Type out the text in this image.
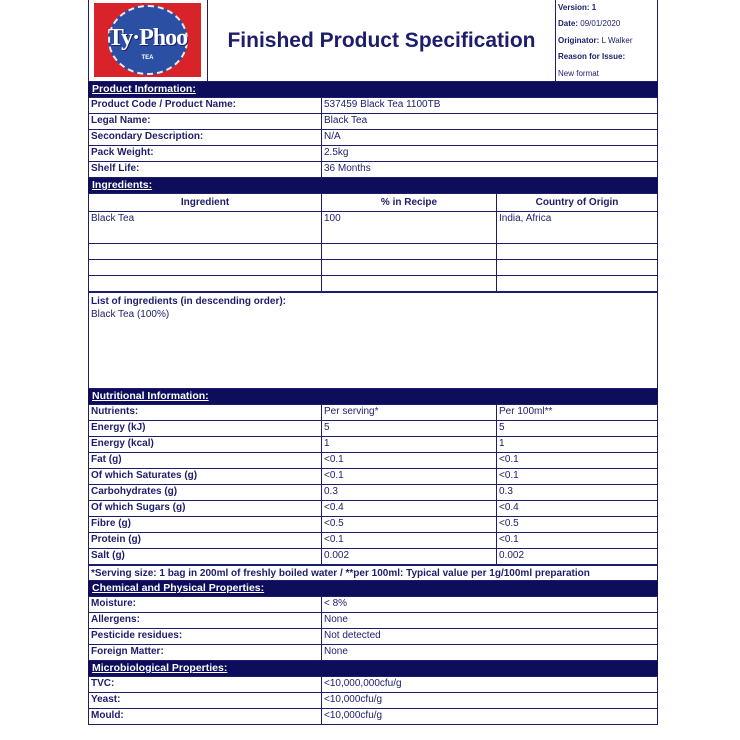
Ty·Phoo
TEA
Finished Product Specification
Version: 1
Date: 09/01/2020
Originator: L Walker
Reason for Issue:
New format
Product Information:
Product Code / Product Name:	537459 Black Tea 1100TB
Legal Name:	Black Tea
Secondary Description:	N/A
Pack Weight:	2.5kg
Shelf Life:	36 Months
Ingredients:
Ingredient	% in Recipe	Country of Origin
Black Tea	100	India, Africa

List of ingredients (in descending order):
Black Tea (100%)
Nutritional Information:
Nutrients:	Per serving*	Per 100ml**
Energy (kJ)	5	5
Energy (kcal)	1	1
Fat (g)	<0.1	<0.1
Of which Saturates (g)	<0.1	<0.1
Carbohydrates (g)	0.3	0.3
Of which Sugars (g)	<0.4	<0.4
Fibre (g)	<0.5	<0.5
Protein (g)	<0.1	<0.1
Salt (g)	0.002	0.002
*Serving size: 1 bag in 200ml of freshly boiled water / **per 100ml: Typical value per 1g/100ml preparation
Chemical and Physical Properties:
Moisture:	< 8%
Allergens:	None
Pesticide residues:	Not detected
Foreign Matter:	None
Microbiological Properties:
TVC:	<10,000,000cfu/g
Yeast:	<10,000cfu/g
Mould:	<10,000cfu/g
